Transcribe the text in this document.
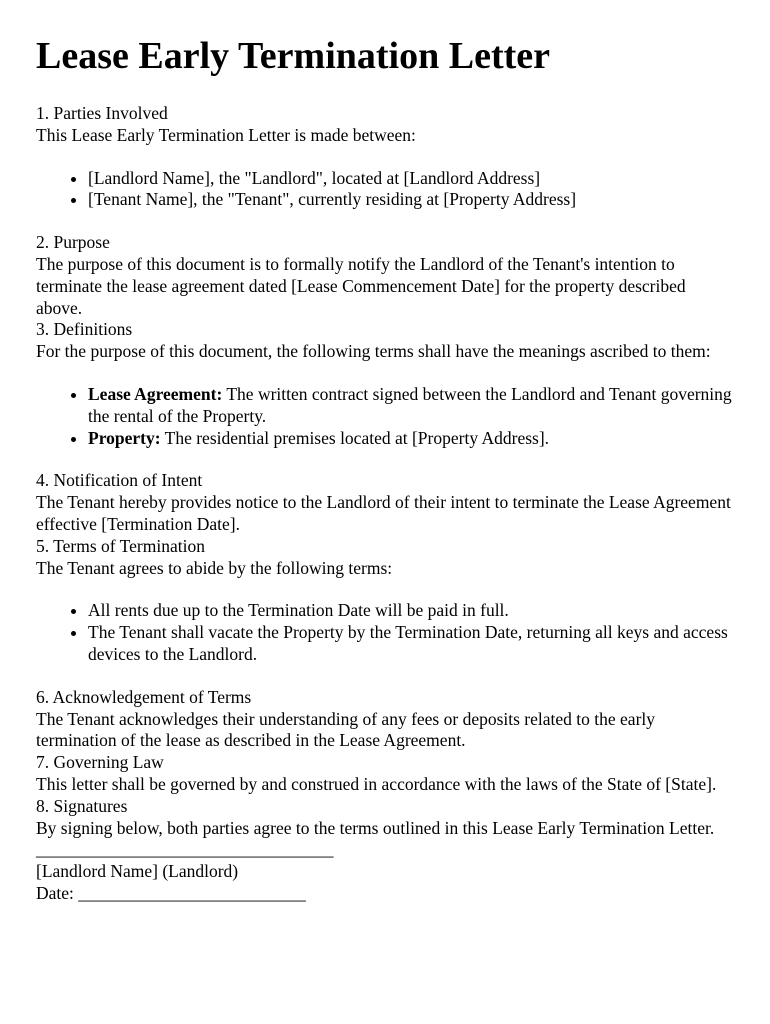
Lease Early Termination Letter

1. Parties Involved

This Lease Early Termination Letter is made between:

• [Landlord Name], the "Landlord", located at [Landlord Address]
• [Tenant Name], the "Tenant", currently residing at [Property Address]

2. Purpose

The purpose of this document is to formally notify the Landlord of the Tenant's intention to terminate the lease agreement dated [Lease Commencement Date] for the property described above.

3. Definitions

For the purpose of this document, the following terms shall have the meanings ascribed to them:

• Lease Agreement: The written contract signed between the Landlord and Tenant governing the rental of the Property.
• Property: The residential premises located at [Property Address].

4. Notification of Intent

The Tenant hereby provides notice to the Landlord of their intent to terminate the Lease Agreement effective [Termination Date].

5. Terms of Termination

The Tenant agrees to abide by the following terms:

• All rents due up to the Termination Date will be paid in full.
• The Tenant shall vacate the Property by the Termination Date, returning all keys and access devices to the Landlord.

6. Acknowledgement of Terms

The Tenant acknowledges their understanding of any fees or deposits related to the early termination of the lease as described in the Lease Agreement.

7. Governing Law

This letter shall be governed by and construed in accordance with the laws of the State of [State].

8. Signatures

By signing below, both parties agree to the terms outlined in this Lease Early Termination Letter.

__________________________________

[Landlord Name] (Landlord)

Date: __________________________
